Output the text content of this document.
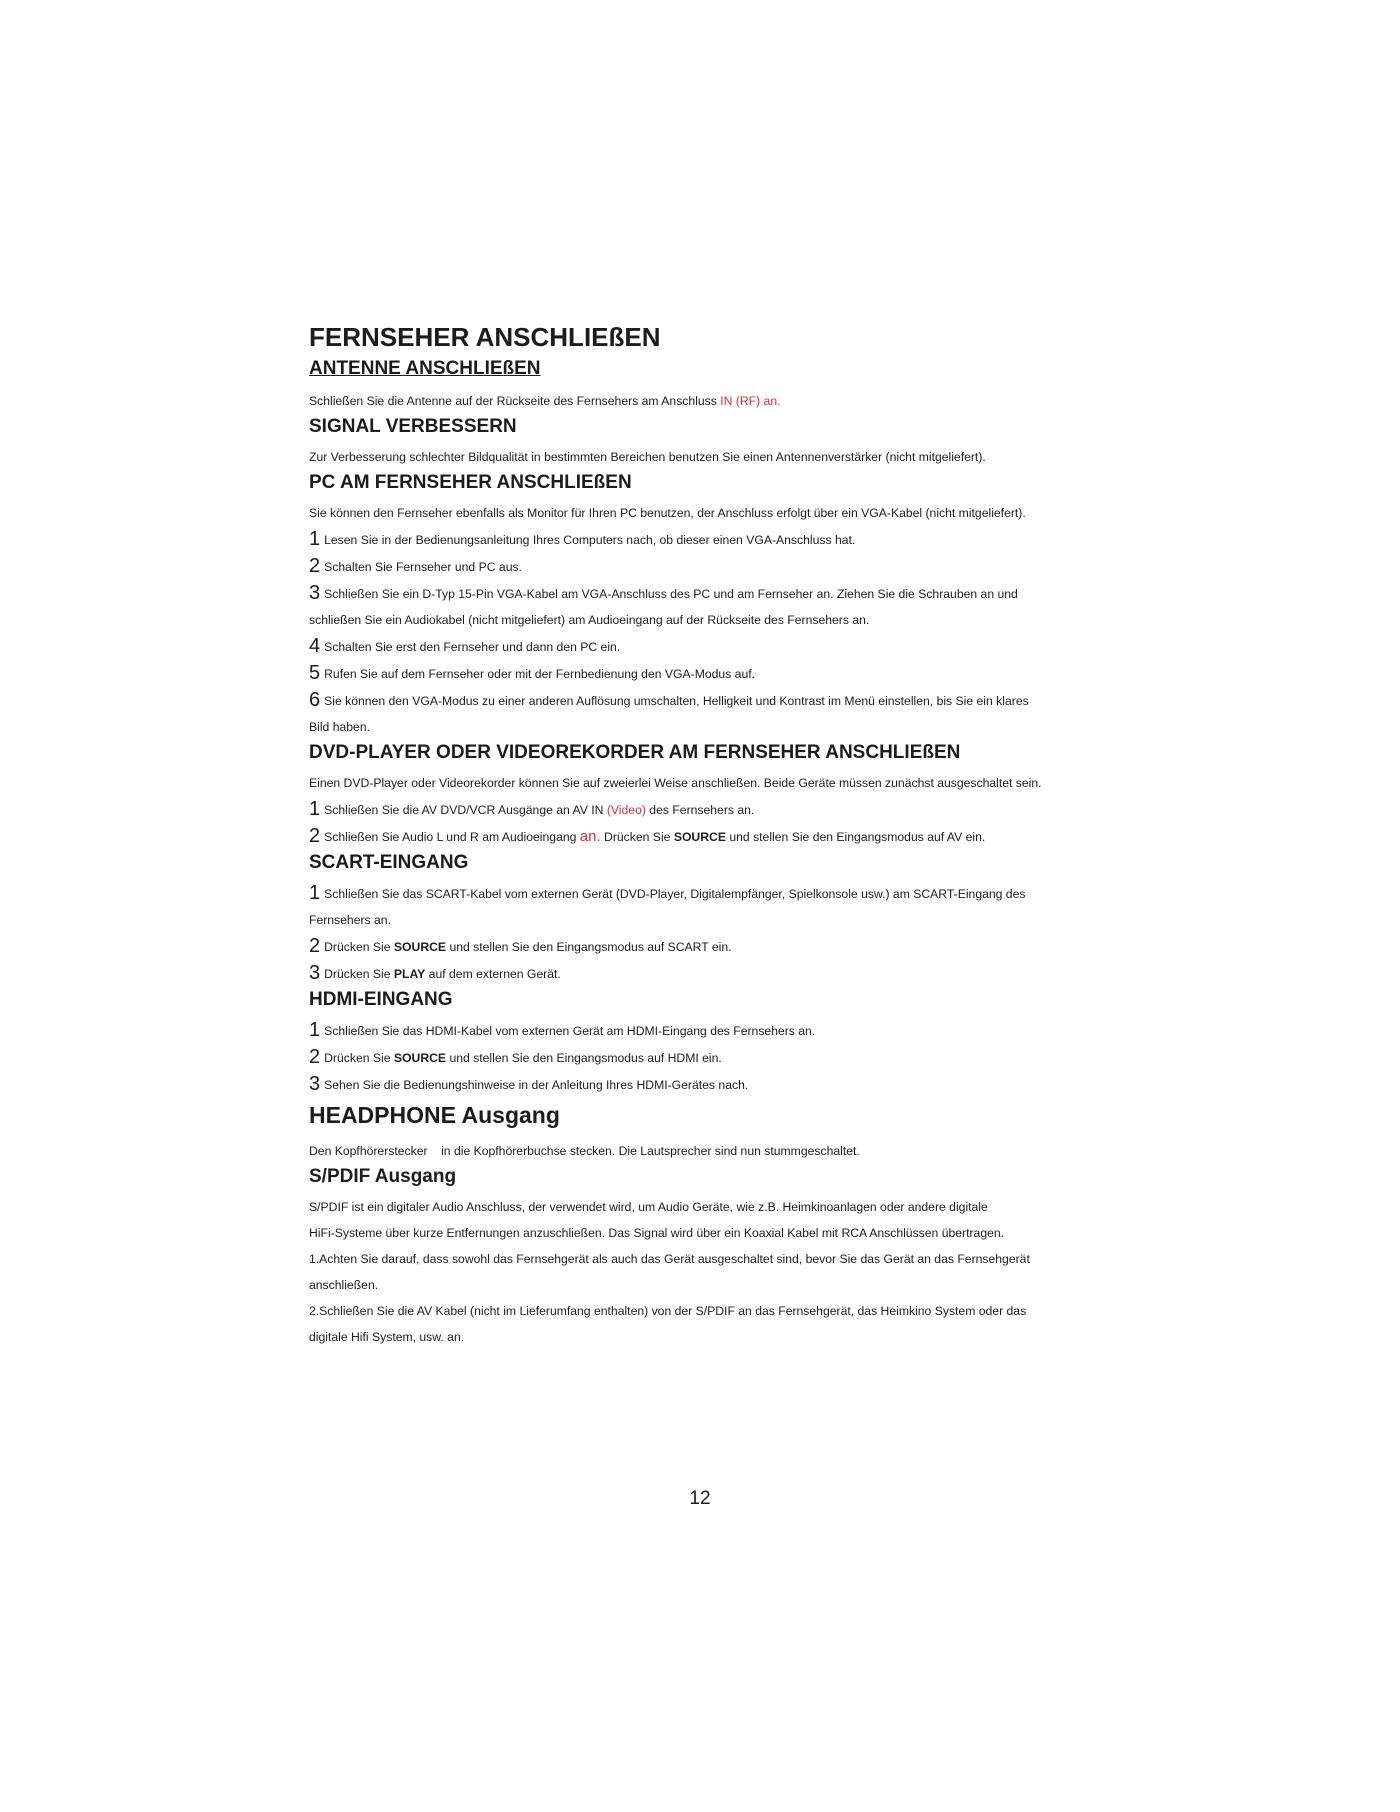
FERNSEHER ANSCHLIEßEN
ANTENNE ANSCHLIEßEN
Schließen Sie die Antenne auf der Rückseite des Fernsehers am Anschluss IN (RF) an.
SIGNAL VERBESSERN
Zur Verbesserung schlechter Bildqualität in bestimmten Bereichen benutzen Sie einen Antennenverstärker (nicht mitgeliefert).
PC AM FERNSEHER ANSCHLIEßEN
Sie können den Fernseher ebenfalls als Monitor für Ihren PC benutzen, der Anschluss erfolgt über ein VGA-Kabel (nicht mitgeliefert).
1 Lesen Sie in der Bedienungsanleitung Ihres Computers nach, ob dieser einen VGA-Anschluss hat.
2 Schalten Sie Fernseher und PC aus.
3 Schließen Sie ein D-Typ 15-Pin VGA-Kabel am VGA-Anschluss des PC und am Fernseher an. Ziehen Sie die Schrauben an und
schließen Sie ein Audiokabel (nicht mitgeliefert) am Audioeingang auf der Rückseite des Fernsehers an.
4 Schalten Sie erst den Fernseher und dann den PC ein.
5 Rufen Sie auf dem Fernseher oder mit der Fernbedienung den VGA-Modus auf.
6 Sie können den VGA-Modus zu einer anderen Auflösung umschalten, Helligkeit und Kontrast im Menü einstellen, bis Sie ein klares
Bild haben.
DVD-PLAYER ODER VIDEOREKORDER AM FERNSEHER ANSCHLIEßEN
Einen DVD-Player oder Videorekorder können Sie auf zweierlei Weise anschließen. Beide Geräte müssen zunächst ausgeschaltet sein.
1 Schließen Sie die AV DVD/VCR Ausgänge an AV IN (Video) des Fernsehers an.
2 Schließen Sie Audio L und R am Audioeingang an. Drücken Sie SOURCE und stellen Sie den Eingangsmodus auf AV ein.
SCART-EINGANG
1 Schließen Sie das SCART-Kabel vom externen Gerät (DVD-Player, Digitalempfänger, Spielkonsole usw.) am SCART-Eingang des
Fernsehers an.
2 Drücken Sie SOURCE und stellen Sie den Eingangsmodus auf SCART ein.
3 Drücken Sie PLAY auf dem externen Gerät.
HDMI-EINGANG
1 Schließen Sie das HDMI-Kabel vom externen Gerät am HDMI-Eingang des Fernsehers an.
2 Drücken Sie SOURCE und stellen Sie den Eingangsmodus auf HDMI ein.
3 Sehen Sie die Bedienungshinweise in der Anleitung Ihres HDMI-Gerätes nach.
HEADPHONE Ausgang
Den Kopfhörerstecker    in die Kopfhörerbuchse stecken. Die Lautsprecher sind nun stummgeschaltet.
S/PDIF Ausgang
S/PDIF ist ein digitaler Audio Anschluss, der verwendet wird, um Audio Geräte, wie z.B. Heimkinoanlagen oder andere digitale
HiFi-Systeme über kurze Entfernungen anzuschließen. Das Signal wird über ein Koaxial Kabel mit RCA Anschlüssen übertragen.
1.Achten Sie darauf, dass sowohl das Fernsehgerät als auch das Gerät ausgeschaltet sind, bevor Sie das Gerät an das Fernsehgerät
anschließen.
2.Schließen Sie die AV Kabel (nicht im Lieferumfang enthalten) von der S/PDIF an das Fernsehgerät, das Heimkino System oder das
digitale Hifi System, usw. an.
12
